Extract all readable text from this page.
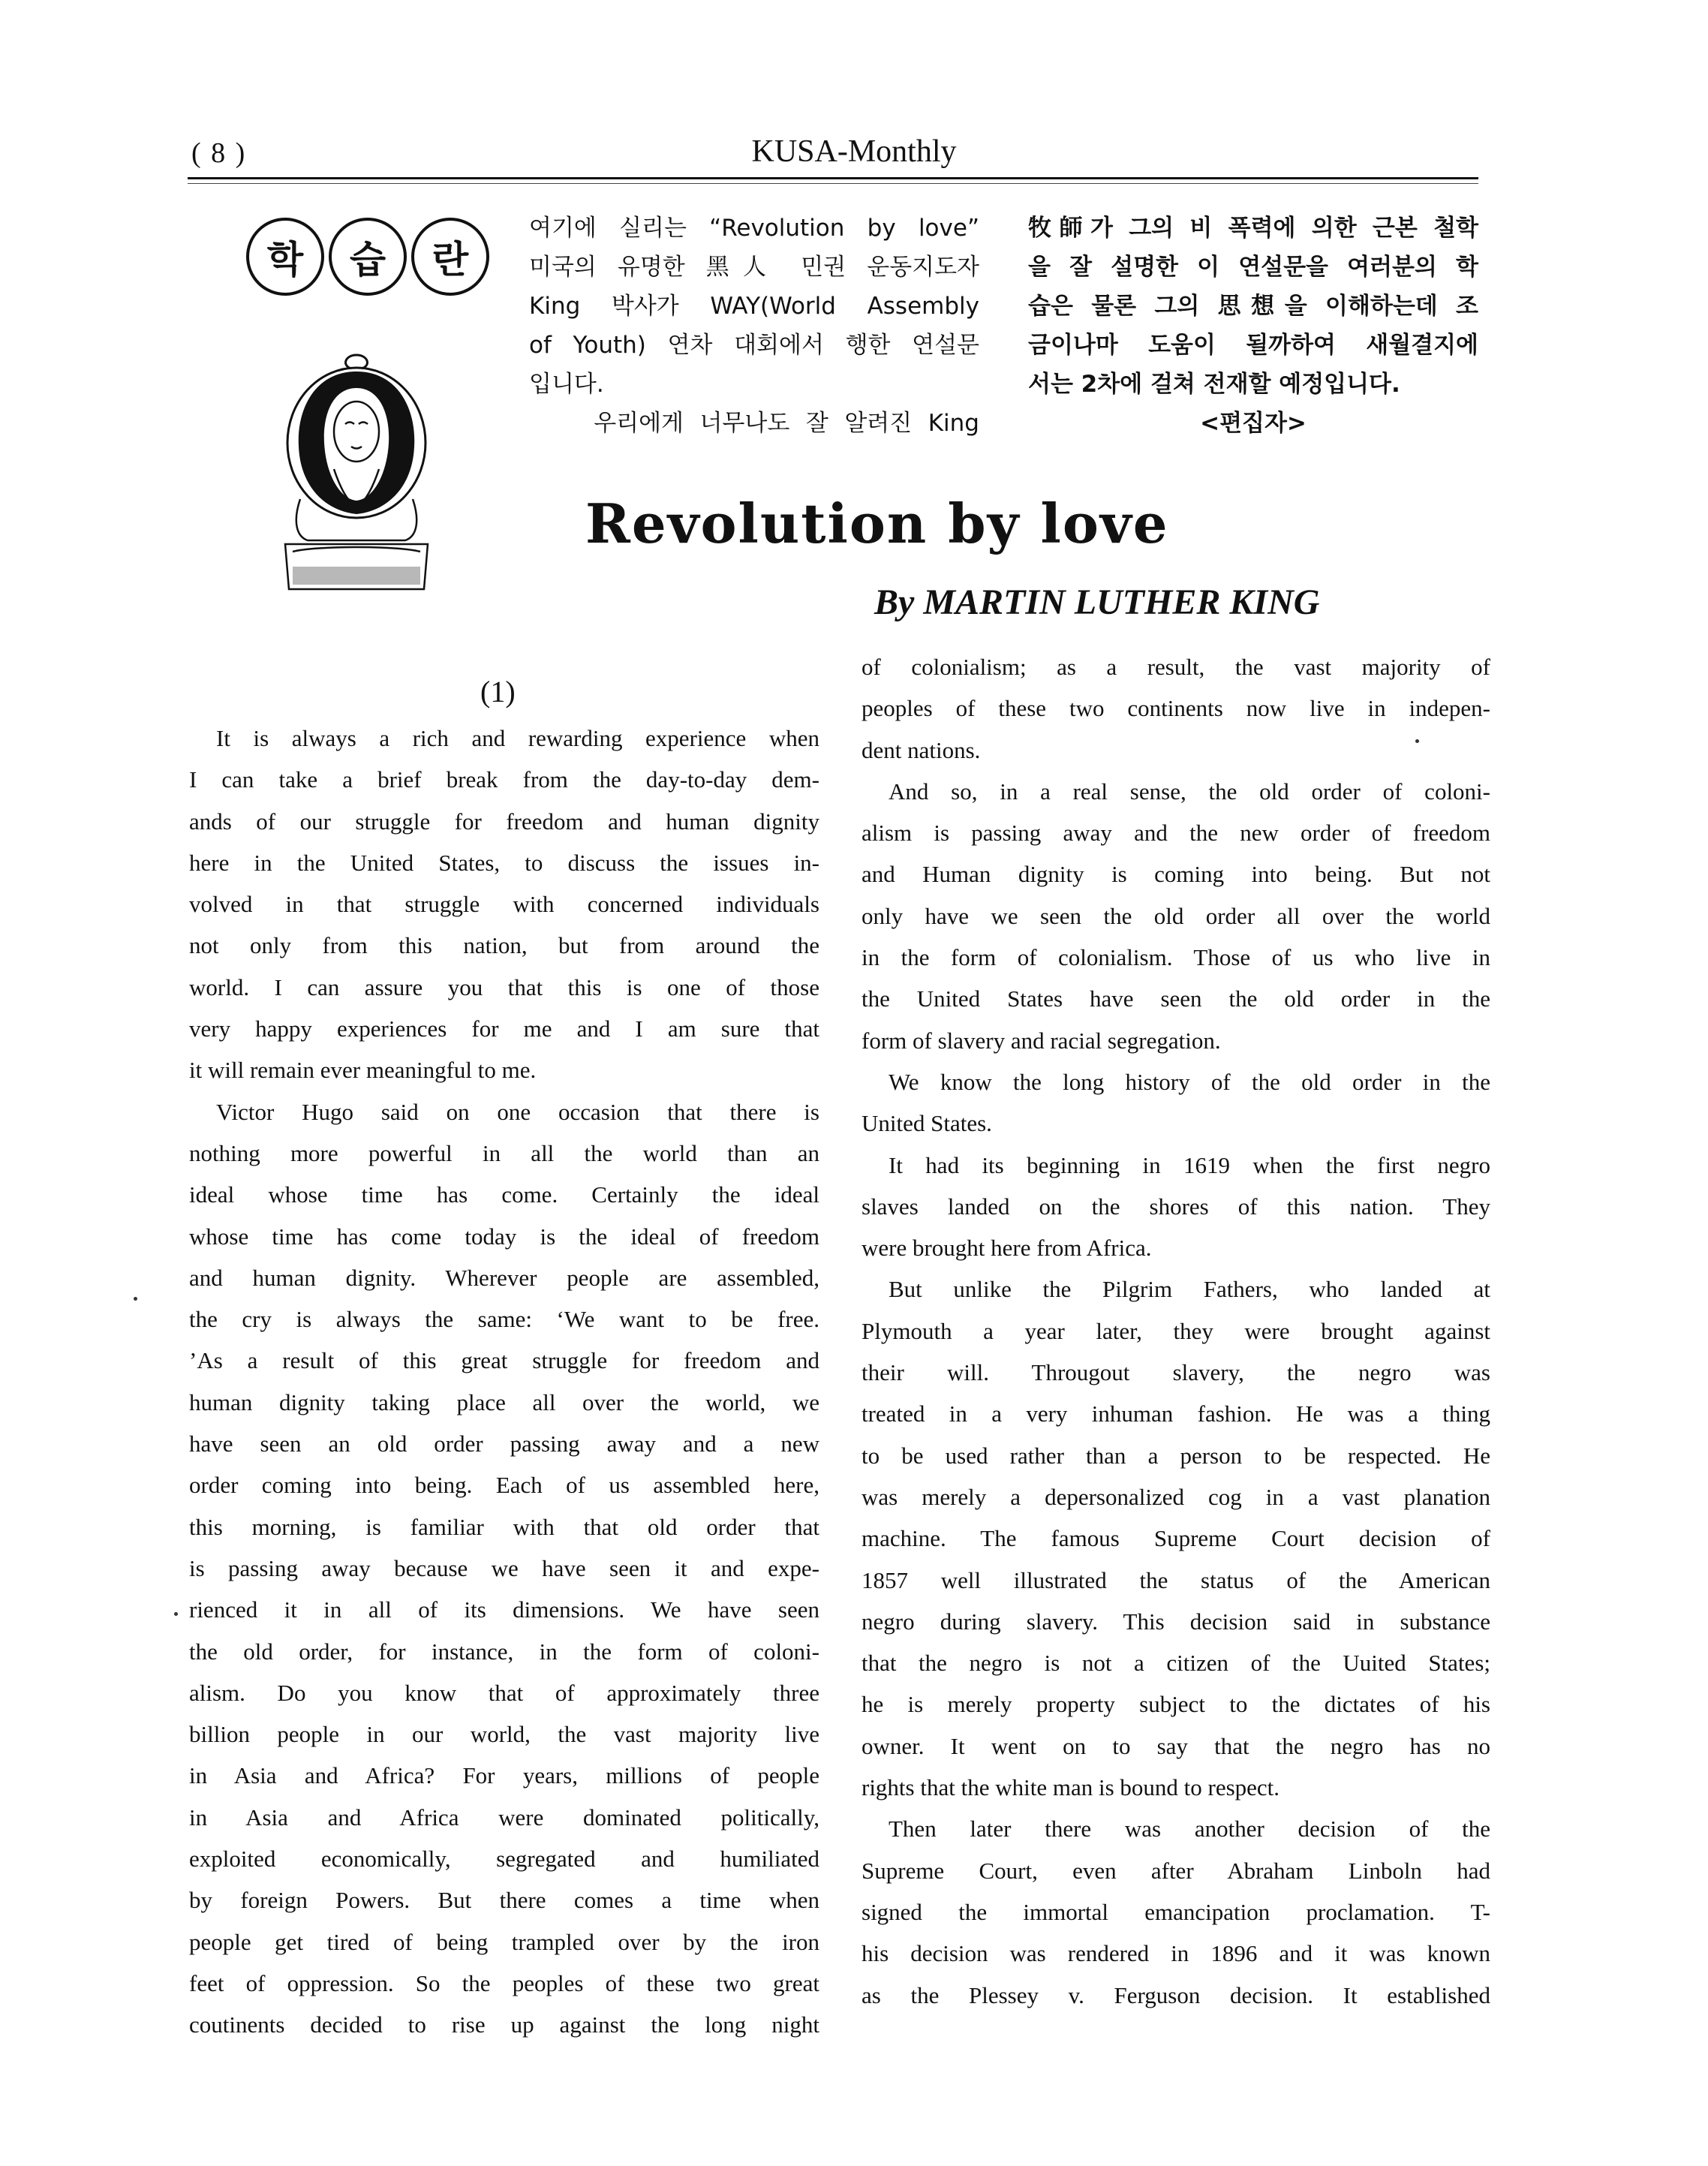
( 8 )	KUSA-Monthly
학	습	란

여기에 실리는 “Revolution by love”

미국의 유명한 黑人 민권 운동지도자

King 박사가 WAY(World Assembly

of Youth) 연차 대회에서 행한 연설문

입니다.

우리에게 너무나도 잘 알려진 King

牧師가 그의 비 폭력에 의한 근본 철학

을 잘 설명한 이 연설문을 여러분의 학

습은 물론 그의 思想을 이해하는데 조

금이나마 도움이 될까하여 새월결지에

서는 2차에 걸쳐 전재할 예정입니다.

<편집자>
Revolution by love
By MARTIN LUTHER KING
(1)

It is always a rich and rewarding experience when

I can take a brief break from the day-to-day dem-

ands of our struggle for freedom and human dignity

here in the United States, to discuss the issues in-

volved in that struggle with concerned individuals

not only from this nation, but from around the

world. I can assure you that this is one of those

very happy experiences for me and I am sure that

it will remain ever meaningful to me.

Victor Hugo said on one occasion that there is

nothing more powerful in all the world than an

ideal whose time has come. Certainly the ideal

whose time has come today is the ideal of freedom

and human dignity. Wherever people are assembled,

the cry is always the same: ‘We want to be free.

’As a result of this great struggle for freedom and

human dignity taking place all over the world, we

have seen an old order passing away and a new

order coming into being. Each of us assembled here,

this morning, is familiar with that old order that

is passing away because we have seen it and expe-

rienced it in all of its dimensions. We have seen

the old order, for instance, in the form of coloni-

alism. Do you know that of approximately three

billion people in our world, the vast majority live

in Asia and Africa? For years, millions of people

in Asia and Africa were dominated politically,

exploited economically, segregated and humiliated

by foreign Powers. But there comes a time when

people get tired of being trampled over by the iron

feet of oppression. So the peoples of these two great

coutinents decided to rise up against the long night

of colonialism; as a result, the vast majority of

peoples of these two continents now live in indepen-

dent nations.

And so, in a real sense, the old order of coloni-

alism is passing away and the new order of freedom

and Human dignity is coming into being. But not

only have we seen the old order all over the world

in the form of colonialism. Those of us who live in

the United States have seen the old order in the

form of slavery and racial segregation.

We know the long history of the old order in the

United States.

It had its beginning in 1619 when the first negro

slaves landed on the shores of this nation. They

were brought here from Africa.

But unlike the Pilgrim Fathers, who landed at

Plymouth a year later, they were brought against

their will. Througout slavery, the negro was

treated in a very inhuman fashion. He was a thing

to be used rather than a person to be respected. He

was merely a depersonalized cog in a vast planation

machine. The famous Supreme Court decision of

1857 well illustrated the status of the American

negro during slavery. This decision said in substance

that the negro is not a citizen of the Uuited States;

he is merely property subject to the dictates of his

owner. It went on to say that the negro has no

rights that the white man is bound to respect.

Then later there was another decision of the

Supreme Court, even after Abraham Linboln had

signed the immortal emancipation proclamation. T-

his decision was rendered in 1896 and it was known

as the Plessey v. Ferguson decision. It established
